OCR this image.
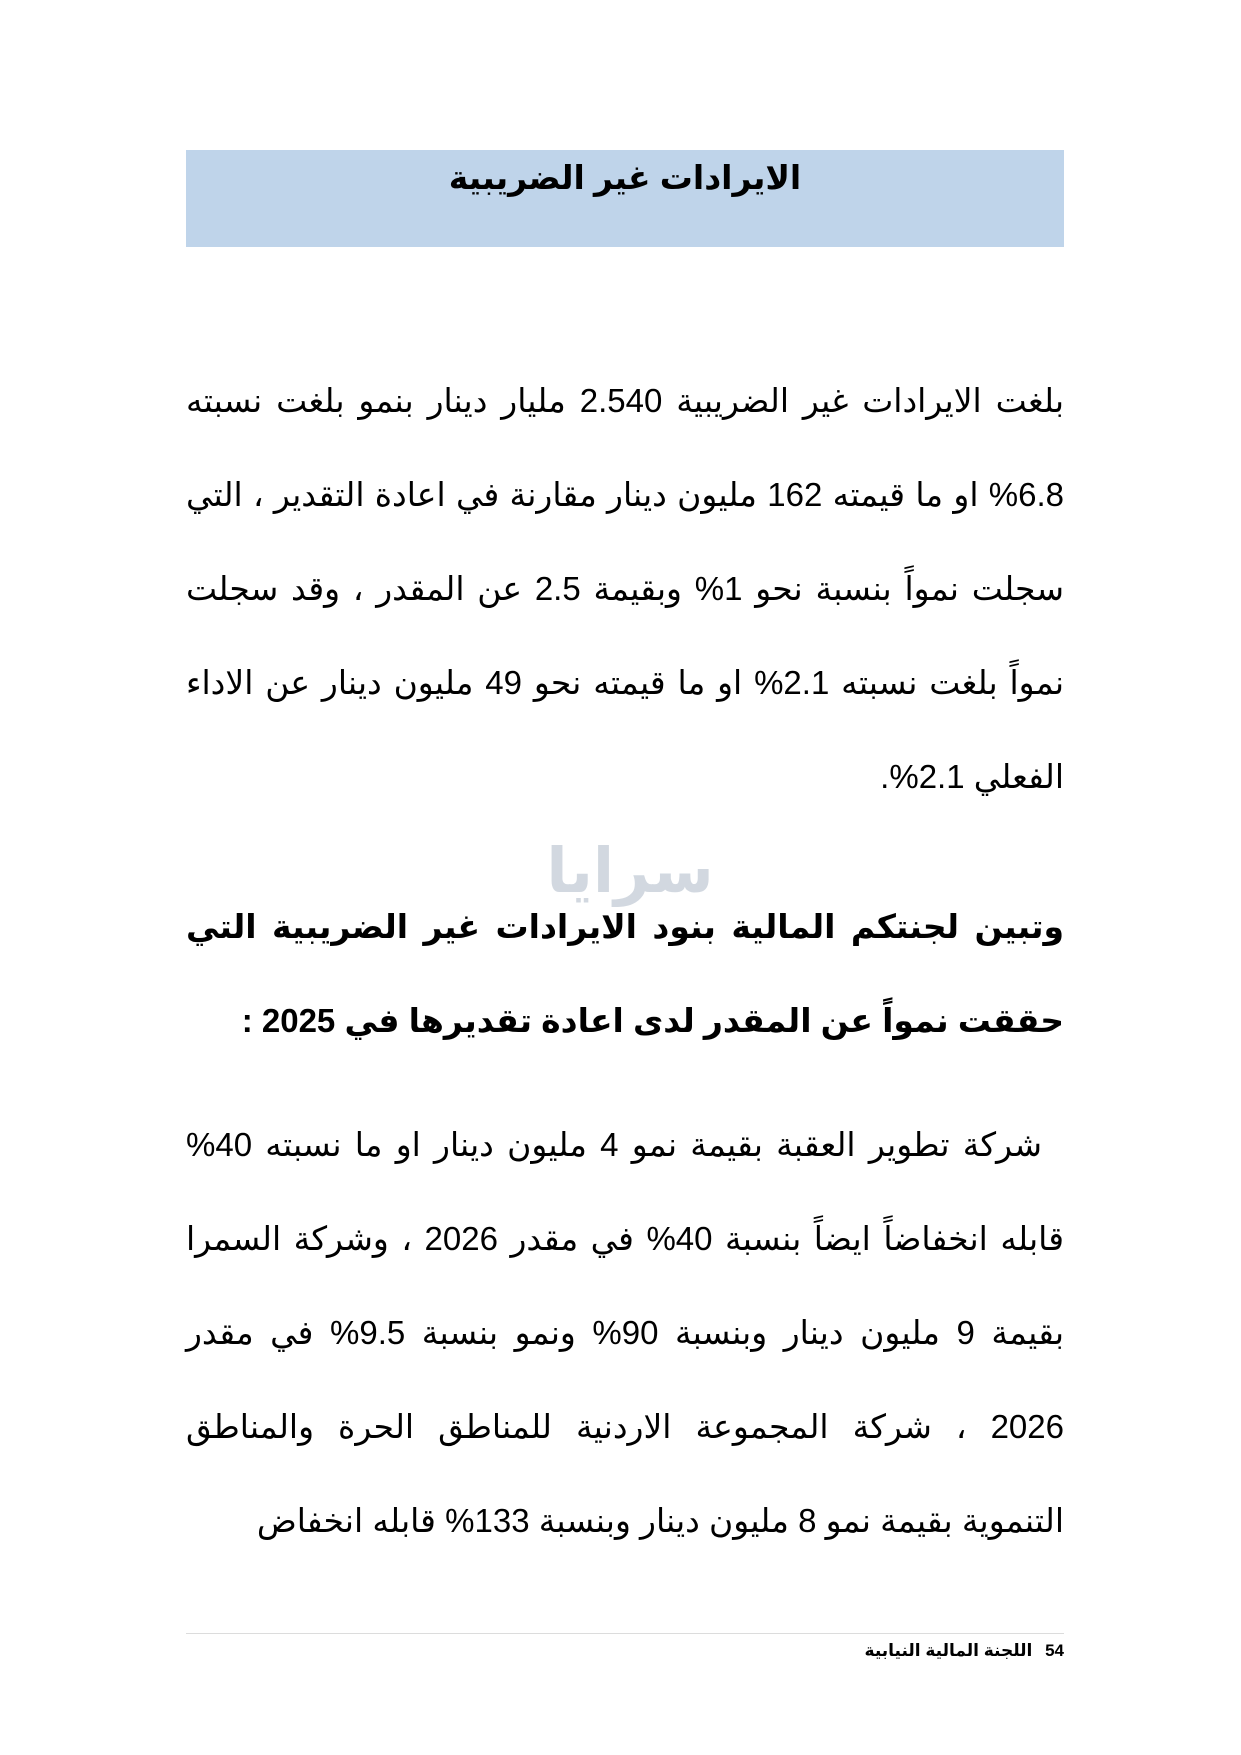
الايرادات غير الضريبية

بلغت الايرادات غير الضريبية 2.540 مليار دينار بنمو بلغت نسبته 6.8% او ما قيمته 162 مليون دينار مقارنة في اعادة التقدير ، التي سجلت نمواً بنسبة نحو 1% وبقيمة 2.5 عن المقدر ، وقد سجلت نمواً بلغت نسبته 2.1% او ما قيمته نحو 49 مليون دينار عن الاداء الفعلي 2.1%.

وتبين لجنتكم المالية بنود الايرادات غير الضريبية التي حققت نمواً عن المقدر لدى اعادة تقديرها في 2025 :

شركة تطوير العقبة بقيمة نمو 4 مليون دينار او ما نسبته 40% قابله انخفاضاً ايضاً بنسبة 40% في مقدر 2026 ، وشركة السمرا بقيمة 9 مليون دينار وبنسبة 90% ونمو بنسبة 9.5% في مقدر 2026 ، شركة المجموعة الاردنية للمناطق الحرة والمناطق التنموية بقيمة نمو 8 مليون دينار وبنسبة 133% قابله انخفاض

سرايا
54 اللجنة المالية النيابية
